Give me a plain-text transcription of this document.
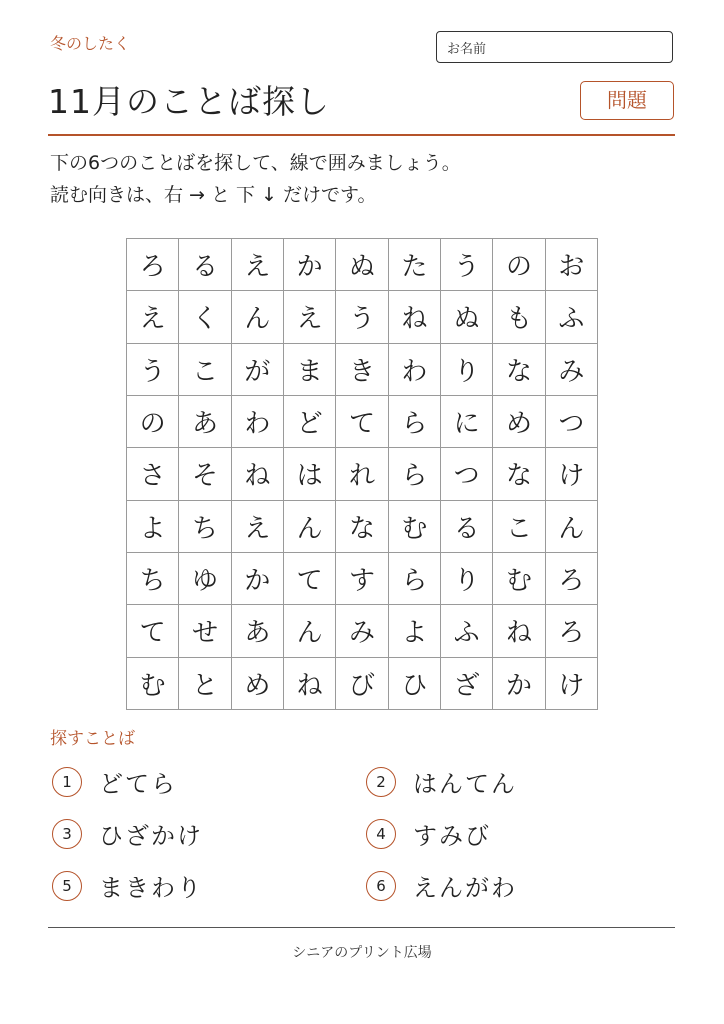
冬のしたく	お名前
11月のことば探し	問題
下の6つのことばを探して、線で囲みましょう。
読む向きは、右 → と 下 ↓ だけです。
ろ	る	え	か	ぬ	た	う	の	お
え	く	ん	え	う	ね	ぬ	も	ふ
う	こ	が	ま	き	わ	り	な	み
の	あ	わ	ど	て	ら	に	め	つ
さ	そ	ね	は	れ	ら	つ	な	け
よ	ち	え	ん	な	む	る	こ	ん
ち	ゆ	か	て	す	ら	り	む	ろ
て	せ	あ	ん	み	よ	ふ	ね	ろ
む	と	め	ね	び	ひ	ざ	か	け
探すことば
1	どてら	2	はんてん
3	ひざかけ	4	すみび
5	まきわり	6	えんがわ
シニアのプリント広場
